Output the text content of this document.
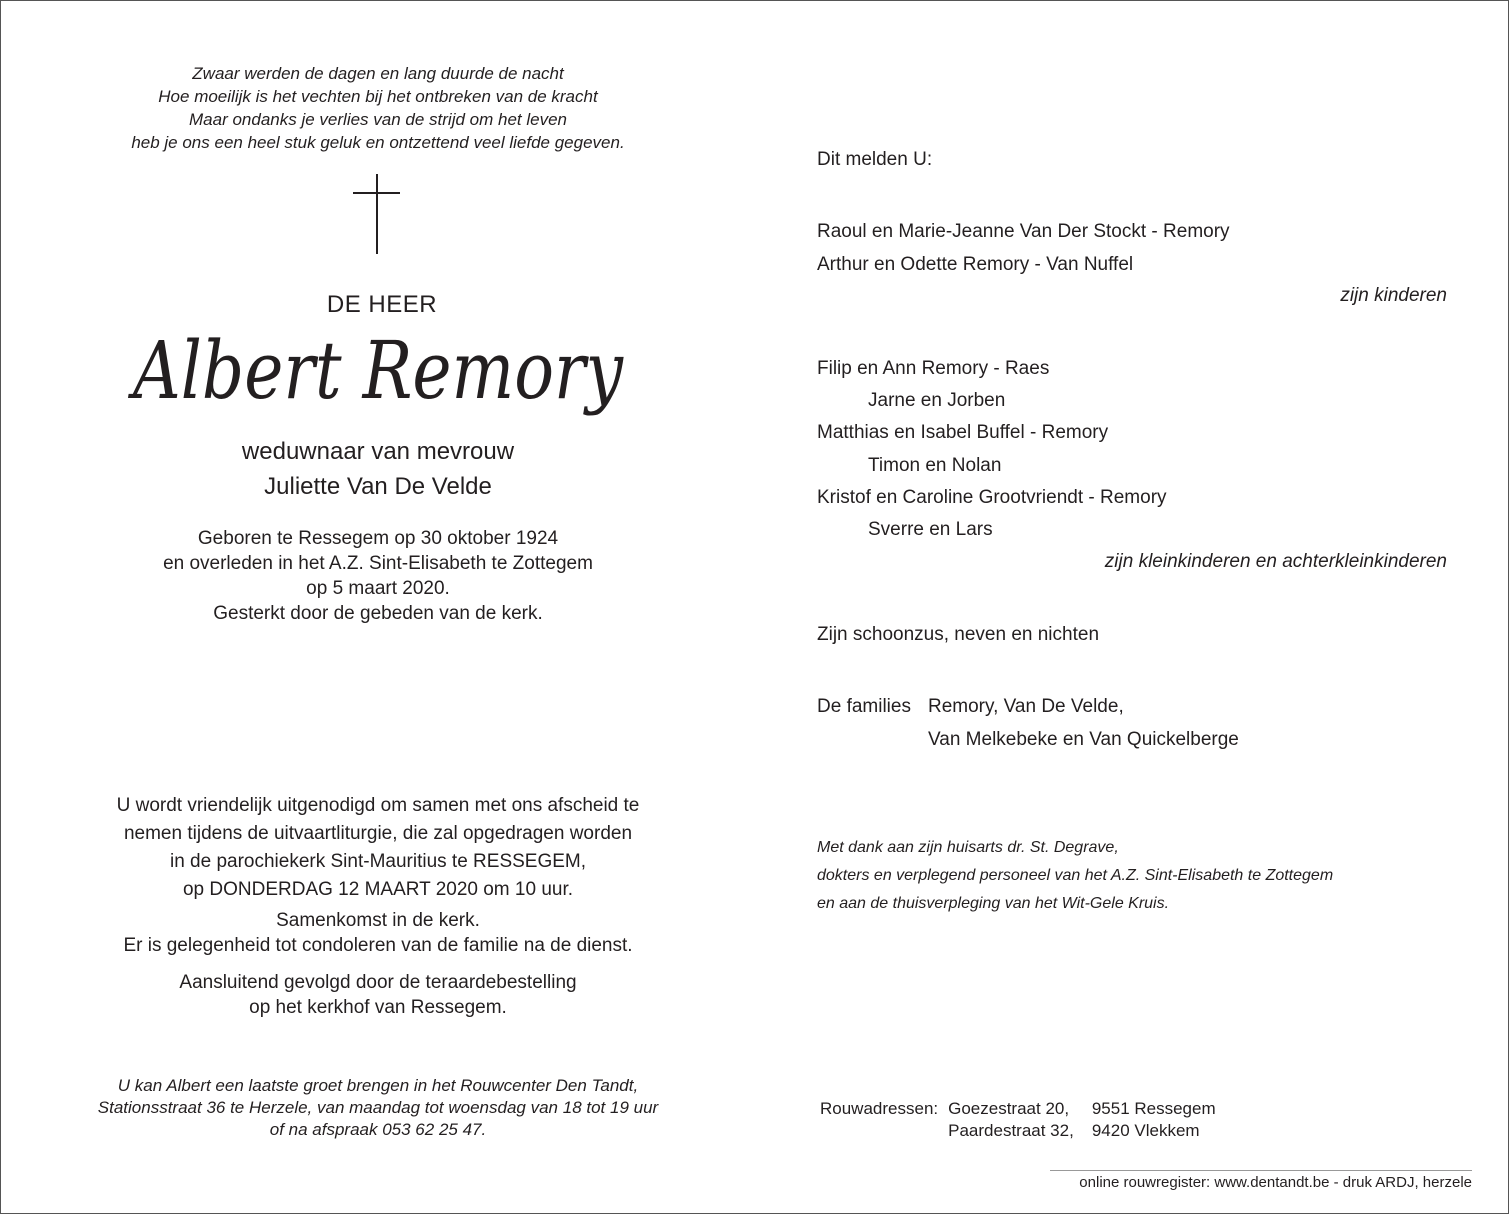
Zwaar werden de dagen en lang duurde de nacht
Hoe moeilijk is het vechten bij het ontbreken van de kracht
Maar ondanks je verlies van de strijd om het leven
heb je ons een heel stuk geluk en ontzettend veel liefde gegeven.
DE HEER
Albert Remory
weduwnaar van mevrouw
Juliette Van De Velde
Geboren te Ressegem op 30 oktober 1924
en overleden in het A.Z. Sint-Elisabeth te Zottegem
op 5 maart 2020.
Gesterkt door de gebeden van de kerk.
U wordt vriendelijk uitgenodigd om samen met ons afscheid te
nemen tijdens de uitvaartliturgie, die zal opgedragen worden
in de parochiekerk Sint-Mauritius te RESSEGEM,
op DONDERDAG 12 MAART 2020 om 10 uur.
Samenkomst in de kerk.
Er is gelegenheid tot condoleren van de familie na de dienst.
Aansluitend gevolgd door de teraardebestelling
op het kerkhof van Ressegem.
U kan Albert een laatste groet brengen in het Rouwcenter Den Tandt,
Stationsstraat 36 te Herzele, van maandag tot woensdag van 18 tot 19 uur
of na afspraak 053 62 25 47.
Dit melden U:
Raoul en Marie-Jeanne Van Der Stockt - Remory
Arthur en Odette Remory - Van Nuffel
zijn kinderen
Filip en Ann Remory - Raes
Jarne en Jorben
Matthias en Isabel Buffel - Remory
Timon en Nolan
Kristof en Caroline Grootvriendt - Remory
Sverre en Lars
zijn kleinkinderen en achterkleinkinderen
Zijn schoonzus, neven en nichten
De families Remory, Van De Velde,
Van Melkebeke en Van Quickelberge
Met dank aan zijn huisarts dr. St. Degrave,
dokters en verplegend personeel van het A.Z. Sint-Elisabeth te Zottegem
en aan de thuisverpleging van het Wit-Gele Kruis.
Rouwadressen:	Goezestraat 20,	9551 Ressegem
	Paardestraat 32,	9420 Vlekkem
online rouwregister: www.dentandt.be - druk ARDJ, herzele
